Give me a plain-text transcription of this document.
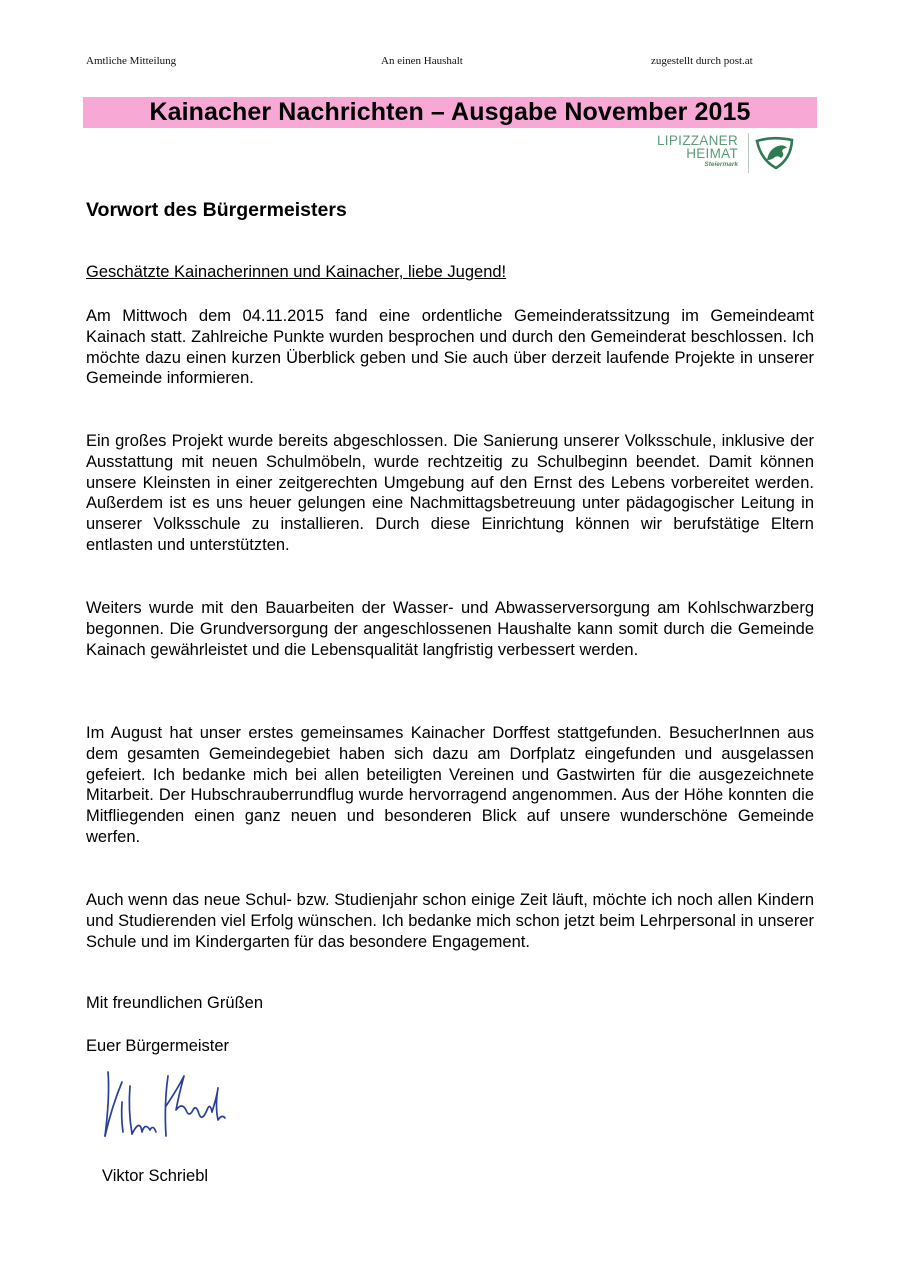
Amtliche Mitteilung	An einen Haushalt	zugestellt durch post.at
Kainacher Nachrichten – Ausgabe November 2015
LIPIZZANER
HEIMAT
Steiermark
Vorwort des Bürgermeisters
Geschätzte Kainacherinnen und Kainacher, liebe Jugend!

Am Mittwoch dem 04.11.2015 fand eine ordentliche Gemeinderatssitzung im Gemeindeamt Kainach statt. Zahlreiche Punkte wurden besprochen und durch den Gemeinderat beschlossen. Ich möchte dazu einen kurzen Überblick geben und Sie auch über derzeit laufende Projekte in unserer Gemeinde informieren.

Ein großes Projekt wurde bereits abgeschlossen. Die Sanierung unserer Volksschule, inklusive der Ausstattung mit neuen Schulmöbeln, wurde rechtzeitig zu Schulbeginn beendet. Damit können unsere Kleinsten in einer zeitgerechten Umgebung auf den Ernst des Lebens vorbereitet werden. Außerdem ist es uns heuer gelungen eine Nachmittagsbetreuung unter pädagogischer Leitung in unserer Volksschule zu installieren. Durch diese Einrichtung können wir berufstätige Eltern entlasten und unterstützten.

Weiters wurde mit den Bauarbeiten der Wasser- und Abwasserversorgung am Kohlschwarzberg begonnen. Die Grundversorgung der angeschlossenen Haushalte kann somit durch die Gemeinde Kainach gewährleistet und die Lebensqualität langfristig verbessert werden.

Im August hat unser erstes gemeinsames Kainacher Dorffest stattgefunden. BesucherInnen aus dem gesamten Gemeindegebiet haben sich dazu am Dorfplatz eingefunden und ausgelassen gefeiert. Ich bedanke mich bei allen beteiligten Vereinen und Gastwirten für die ausgezeichnete Mitarbeit. Der Hubschrauberrundflug wurde hervorragend angenommen. Aus der Höhe konnten die Mitfliegenden einen ganz neuen und besonderen Blick auf unsere wunderschöne Gemeinde werfen.

Auch wenn das neue Schul- bzw. Studienjahr schon einige Zeit läuft, möchte ich noch allen Kindern und Studierenden viel Erfolg wünschen. Ich bedanke mich schon jetzt beim Lehrpersonal in unserer Schule und im Kindergarten für das besondere Engagement.

Mit freundlichen Grüßen
Euer Bürgermeister
Viktor Schriebl
